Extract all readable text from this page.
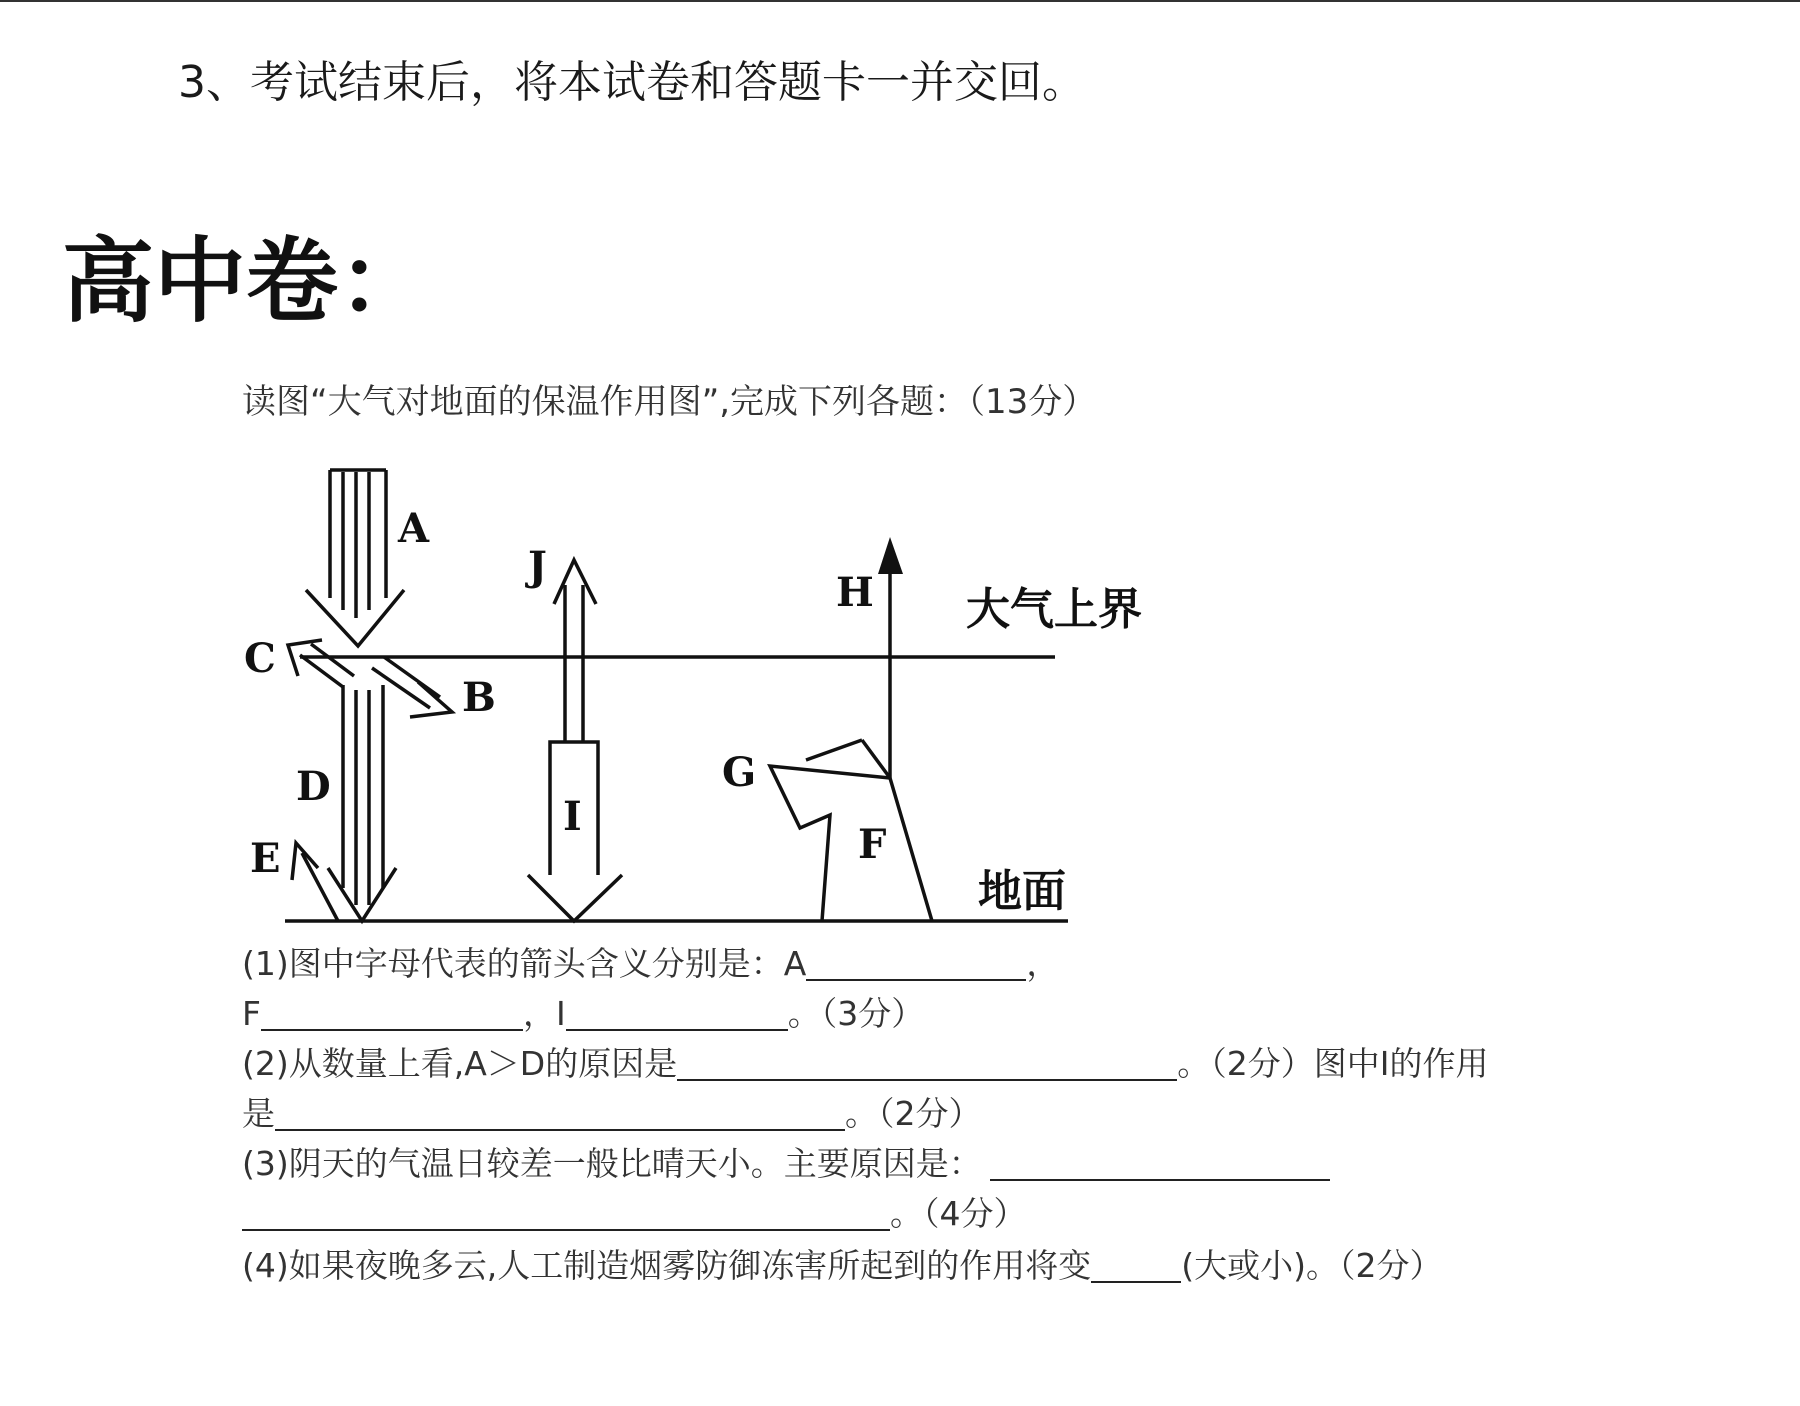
3、考试结束后，将本试卷和答题卡一并交回。
高中卷：
读图“大气对地面的保温作用图”,完成下列各题：（13分）
A
B
C
D
E	F
G
H
I
J
大气上界
地面
(1)图中字母代表的箭头含义分别是：A	，
F	，I	。（3分）
(2)从数量上看,A＞D的原因是	。（2分）图中I的作用
是	。（2分）
(3)阴天的气温日较差一般比晴天小。主要原因是：
。（4分）
(4)如果夜晚多云,人工制造烟雾防御冻害所起到的作用将变	(大或小)。（2分）
